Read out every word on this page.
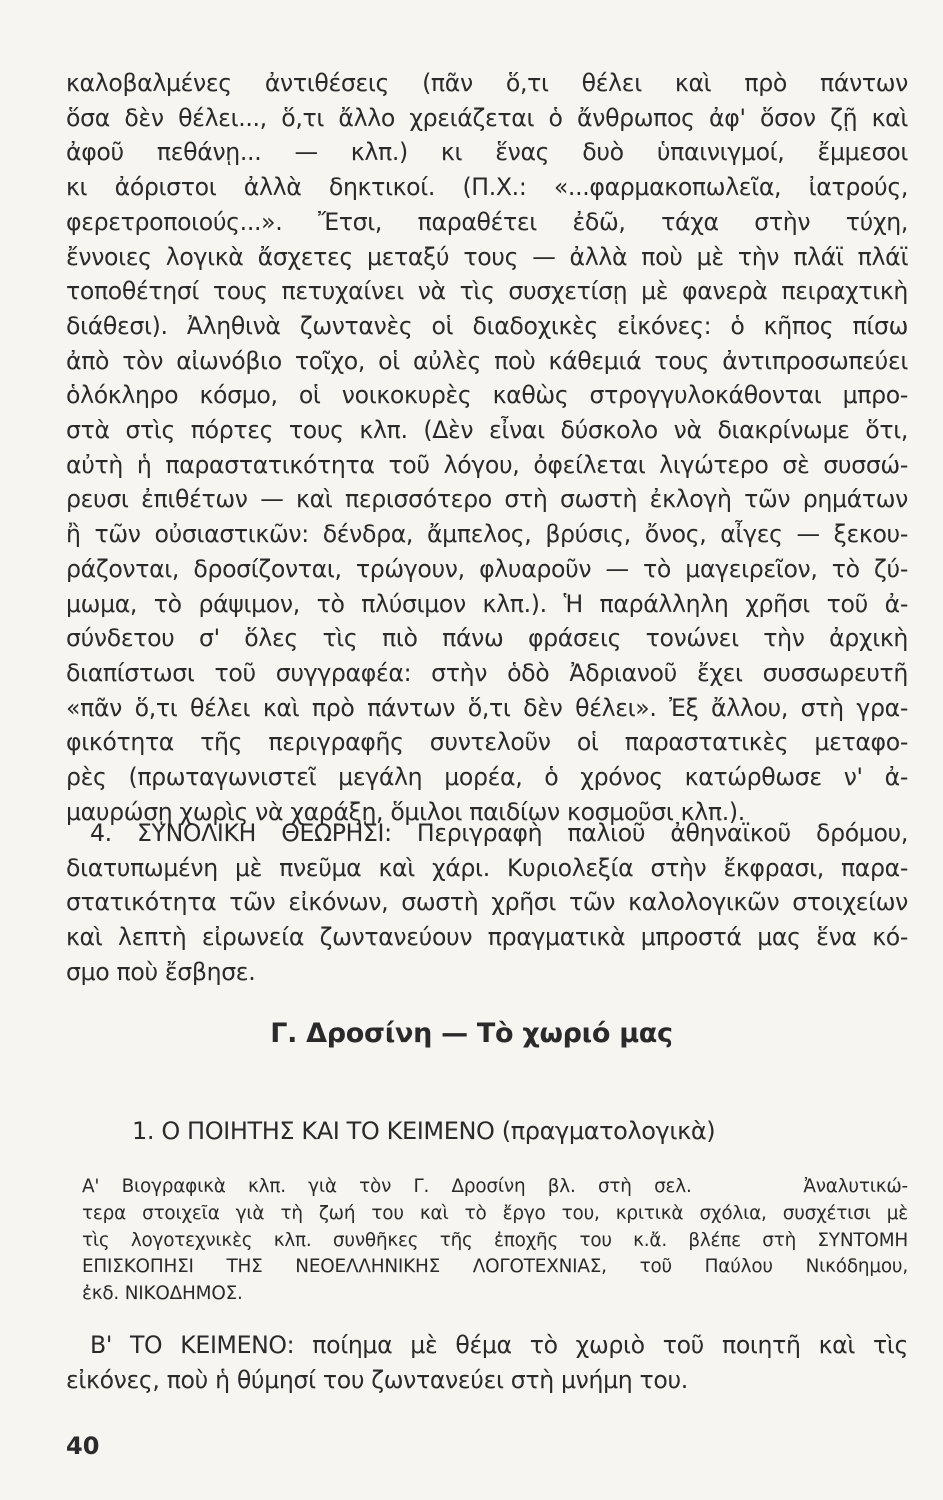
καλοβαλμένες ἀντιθέσεις (πᾶν ὅ,τι θέλει καὶ πρὸ πάντων
ὅσα δὲν θέλει..., ὅ,τι ἄλλο χρειάζεται ὁ ἄνθρωπος ἀφ' ὅσον ζῇ καὶ
ἀφοῦ πεθάνῃ... — κλπ.) κι ἕνας δυὸ ὑπαινιγμοί, ἔμμεσοι
κι ἀόριστοι ἀλλὰ δηκτικοί. (Π.Χ.: «...φαρμακοπωλεῖα, ἰατρούς,
φερετροποιούς...». Ἔτσι, παραθέτει ἐδῶ, τάχα στὴν τύχη,
ἔννοιες λογικὰ ἄσχετες μεταξύ τους — ἀλλὰ ποὺ μὲ τὴν πλάϊ πλάϊ
τοποθέτησί τους πετυχαίνει νὰ τὶς συσχετίσῃ μὲ φανερὰ πειραχτικὴ
διάθεσι). Ἀληθινὰ ζωντανὲς οἱ διαδοχικὲς εἰκόνες: ὁ κῆπος πίσω
ἀπὸ τὸν αἰωνόβιο τοῖχο, οἱ αὐλὲς ποὺ κάθεμιά τους ἀντιπροσωπεύει
ὁλόκληρο κόσμο, οἱ νοικοκυρὲς καθὼς στρογγυλοκάθονται μπρο-
στὰ στὶς πόρτες τους κλπ. (Δὲν εἶναι δύσκολο νὰ διακρίνωμε ὅτι,
αὐτὴ ἡ παραστατικότητα τοῦ λόγου, ὀφείλεται λιγώτερο σὲ συσσώ-
ρευσι ἐπιθέτων — καὶ περισσότερο στὴ σωστὴ ἐκλογὴ τῶν ρημάτων
ἢ τῶν οὐσιαστικῶν: δένδρα, ἄμπελος, βρύσις, ὄνος, αἶγες — ξεκου-
ράζονται, δροσίζονται, τρώγουν, φλυαροῦν — τὸ μαγειρεῖον, τὸ ζύ-
μωμα, τὸ ράψιμον, τὸ πλύσιμον κλπ.). Ἡ παράλληλη χρῆσι τοῦ ἀ-
σύνδετου σ' ὅλες τὶς πιὸ πάνω φράσεις τονώνει τὴν ἀρχικὴ
διαπίστωσι τοῦ συγγραφέα: στὴν ὁδὸ Ἀδριανοῦ ἔχει συσσωρευτῆ
«πᾶν ὅ,τι θέλει καὶ πρὸ πάντων ὅ,τι δὲν θέλει». Ἐξ ἄλλου, στὴ γρα-
φικότητα τῆς περιγραφῆς συντελοῦν οἱ παραστατικὲς μεταφο-
ρὲς (πρωταγωνιστεῖ μεγάλη μορέα, ὁ χρόνος κατώρθωσε ν' ἀ-
μαυρώσῃ χωρὶς νὰ χαράξῃ, ὅμιλοι παιδίων κοσμοῦσι κλπ.).
4. ΣΥΝΟΛΙΚΗ ΘΕΩΡΗΣΙ: Περιγραφὴ παλιοῦ ἀθηναϊκοῦ δρόμου,
διατυπωμένη μὲ πνεῦμα καὶ χάρι. Κυριολεξία στὴν ἔκφρασι, παρα-
στατικότητα τῶν εἰκόνων, σωστὴ χρῆσι τῶν καλολογικῶν στοιχείων
καὶ λεπτὴ εἰρωνεία ζωντανεύουν πραγματικὰ μπροστά μας ἕνα κό-
σμο ποὺ ἔσβησε.
Γ. Δροσίνη — Τὸ χωριό μας
1. Ο ΠΟΙΗΤΗΣ ΚΑΙ ΤΟ ΚΕΙΜΕΝΟ (πραγματολογικὰ)
Α' Βιογραφικὰ κλπ. γιὰ τὸν Γ. Δροσίνη βλ. στὴ σελ.     Ἀναλυτικώ-
τερα στοιχεῖα γιὰ τὴ ζωή του καὶ τὸ ἔργο του, κριτικὰ σχόλια, συσχέτισι μὲ
τὶς λογοτεχνικὲς κλπ. συνθῆκες τῆς ἐποχῆς του κ.ἄ. βλέπε στὴ ΣΥΝΤΟΜΗ
ΕΠΙΣΚΟΠΗΣΙ ΤΗΣ ΝΕΟΕΛΛΗΝΙΚΗΣ ΛΟΓΟΤΕΧΝΙΑΣ, τοῦ Παύλου Νικόδημου,
ἐκδ. ΝΙΚΟΔΗΜΟΣ.
Β' ΤΟ ΚΕΙΜΕΝΟ: ποίημα μὲ θέμα τὸ χωριὸ τοῦ ποιητῆ καὶ τὶς
εἰκόνες, ποὺ ἡ θύμησί του ζωντανεύει στὴ μνήμη του.
40
